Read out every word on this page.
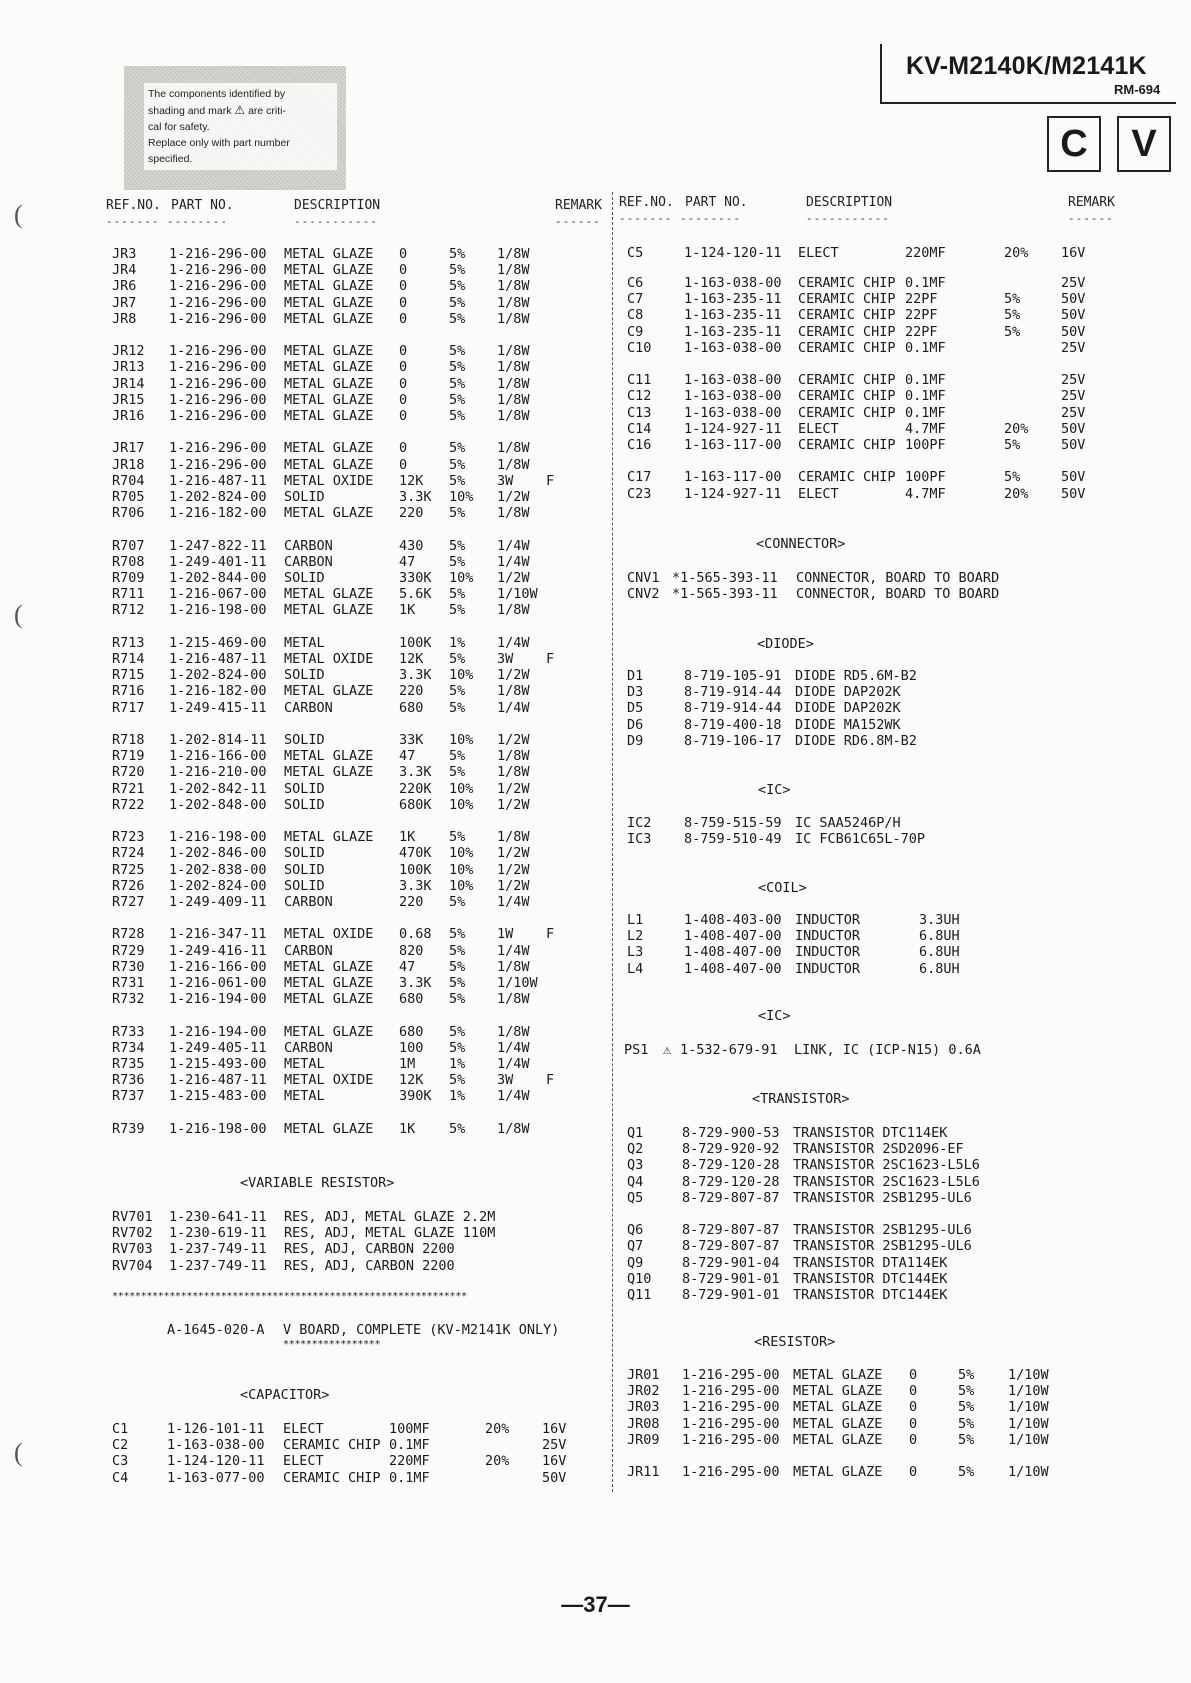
KV-M2140K/M2141K
RM-694
C	V
The components identified by
shading and mark ⚠ are criti-
cal for safety.
Replace only with part number
specified.
REF.NO. PART NO.	DESCRIPTION	REMARK REF.NO. PART NO.	DESCRIPTION	REMARK
------- --------	-----------	------ ------- --------	-----------	------
JR3 1-216-296-00 METAL GLAZE 0	5% 1/8W
JR4 1-216-296-00 METAL GLAZE 0	5% 1/8W
JR6 1-216-296-00 METAL GLAZE 0	5% 1/8W
JR7 1-216-296-00 METAL GLAZE 0	5% 1/8W
JR8 1-216-296-00 METAL GLAZE 0	5% 1/8W
JR12 1-216-296-00 METAL GLAZE 0	5% 1/8W
JR13 1-216-296-00 METAL GLAZE 0	5% 1/8W
JR14 1-216-296-00 METAL GLAZE 0	5% 1/8W
JR15 1-216-296-00 METAL GLAZE 0	5% 1/8W
JR16 1-216-296-00 METAL GLAZE 0	5% 1/8W
JR17 1-216-296-00 METAL GLAZE 0	5% 1/8W
JR18 1-216-296-00 METAL GLAZE 0	5% 1/8W
R704 1-216-487-11 METAL OXIDE 12K 5% 3W F
R705 1-202-824-00 SOLID	3.3K 10% 1/2W
R706 1-216-182-00 METAL GLAZE 220 5% 1/8W
R707 1-247-822-11 CARBON	430 5% 1/4W
R708 1-249-401-11 CARBON	47 5% 1/4W
R709 1-202-844-00 SOLID	330K 10% 1/2W
R711 1-216-067-00 METAL GLAZE 5.6K 5% 1/10W
R712 1-216-198-00 METAL GLAZE 1K 5% 1/8W
R713 1-215-469-00 METAL	100K 1% 1/4W
R714 1-216-487-11 METAL OXIDE 12K 5% 3W F
R715 1-202-824-00 SOLID	3.3K 10% 1/2W
R716 1-216-182-00 METAL GLAZE 220 5% 1/8W
R717 1-249-415-11 CARBON	680 5% 1/4W
R718 1-202-814-11 SOLID	33K 10% 1/2W
R719 1-216-166-00 METAL GLAZE 47 5% 1/8W
R720 1-216-210-00 METAL GLAZE 3.3K 5% 1/8W
R721 1-202-842-11 SOLID	220K 10% 1/2W
R722 1-202-848-00 SOLID	680K 10% 1/2W
R723 1-216-198-00 METAL GLAZE 1K 5% 1/8W
R724 1-202-846-00 SOLID	470K 10% 1/2W
R725 1-202-838-00 SOLID	100K 10% 1/2W
R726 1-202-824-00 SOLID	3.3K 10% 1/2W
R727 1-249-409-11 CARBON	220 5% 1/4W
R728 1-216-347-11 METAL OXIDE 0.68 5% 1W F
R729 1-249-416-11 CARBON	820 5% 1/4W
R730 1-216-166-00 METAL GLAZE 47 5% 1/8W
R731 1-216-061-00 METAL GLAZE 3.3K 5% 1/10W
R732 1-216-194-00 METAL GLAZE 680 5% 1/8W
R733 1-216-194-00 METAL GLAZE 680 5% 1/8W
R734 1-249-405-11 CARBON	100 5% 1/4W
R735 1-215-493-00 METAL	1M 1% 1/4W
R736 1-216-487-11 METAL OXIDE 12K 5% 3W F
R737 1-215-483-00 METAL	390K 1% 1/4W
R739 1-216-198-00 METAL GLAZE 1K 5% 1/8W
<VARIABLE RESISTOR>
RV701 1-230-641-11 RES, ADJ, METAL GLAZE 2.2M
RV702 1-230-619-11 RES, ADJ, METAL GLAZE 110M
RV703 1-237-749-11 RES, ADJ, CARBON 2200
RV704 1-237-749-11 RES, ADJ, CARBON 2200
**************************************************************
A-1645-020-A V BOARD, COMPLETE (KV-M2141K ONLY)
*****************
<CAPACITOR>
C1	1-126-101-11 ELECT	100MF	20% 16V
C2	1-163-038-00 CERAMIC CHIP 0.1MF	25V
C3	1-124-120-11 ELECT	220MF	20% 16V
C4	1-163-077-00 CERAMIC CHIP 0.1MF	50V
C5	1-124-120-11 ELECT	220MF	20% 16V
C6	1-163-038-00 CERAMIC CHIP 0.1MF	25V
C7	1-163-235-11 CERAMIC CHIP 22PF	5%	50V
C8	1-163-235-11 CERAMIC CHIP 22PF	5%	50V
C9	1-163-235-11 CERAMIC CHIP 22PF	5%	50V
C10 1-163-038-00 CERAMIC CHIP 0.1MF	25V
C11 1-163-038-00 CERAMIC CHIP 0.1MF	25V
C12 1-163-038-00 CERAMIC CHIP 0.1MF	25V
C13 1-163-038-00 CERAMIC CHIP 0.1MF	25V
C14 1-124-927-11 ELECT	4.7MF	20% 50V
C16 1-163-117-00 CERAMIC CHIP 100PF	5%	50V
C17 1-163-117-00 CERAMIC CHIP 100PF	5%	50V
C23 1-124-927-11 ELECT	4.7MF	20% 50V
<CONNECTOR>
CNV1 *1-565-393-11 CONNECTOR, BOARD TO BOARD
CNV2 *1-565-393-11 CONNECTOR, BOARD TO BOARD
<DIODE>
D1	8-719-105-91 DIODE RD5.6M-B2
D3	8-719-914-44 DIODE DAP202K
D5	8-719-914-44 DIODE DAP202K
D6	8-719-400-18 DIODE MA152WK
D9	8-719-106-17 DIODE RD6.8M-B2
<IC>
IC2 8-759-515-59 IC SAA5246P/H
IC3 8-759-510-49 IC FCB61C65L-70P
<COIL>
L1	1-408-403-00 INDUCTOR	3.3UH
L2	1-408-407-00 INDUCTOR	6.8UH
L3	1-408-407-00 INDUCTOR	6.8UH
L4	1-408-407-00 INDUCTOR	6.8UH
<IC>
PS1 ⚠ 1-532-679-91 LINK, IC (ICP-N15) 0.6A
<TRANSISTOR>
Q1	8-729-900-53 TRANSISTOR DTC114EK
Q2	8-729-920-92 TRANSISTOR 2SD2096-EF
Q3	8-729-120-28 TRANSISTOR 2SC1623-L5L6
Q4	8-729-120-28 TRANSISTOR 2SC1623-L5L6
Q5	8-729-807-87 TRANSISTOR 2SB1295-UL6
Q6	8-729-807-87 TRANSISTOR 2SB1295-UL6
Q7	8-729-807-87 TRANSISTOR 2SB1295-UL6
Q9	8-729-901-04 TRANSISTOR DTA114EK
Q10 8-729-901-01 TRANSISTOR DTC144EK
Q11 8-729-901-01 TRANSISTOR DTC144EK
<RESISTOR>
JR01 1-216-295-00 METAL GLAZE 0	5% 1/10W
JR02 1-216-295-00 METAL GLAZE 0	5% 1/10W
JR03 1-216-295-00 METAL GLAZE 0	5% 1/10W
JR08 1-216-295-00 METAL GLAZE 0	5% 1/10W
JR09 1-216-295-00 METAL GLAZE 0	5% 1/10W
JR11 1-216-295-00 METAL GLAZE 0	5% 1/10W
—37—
(
(
(
